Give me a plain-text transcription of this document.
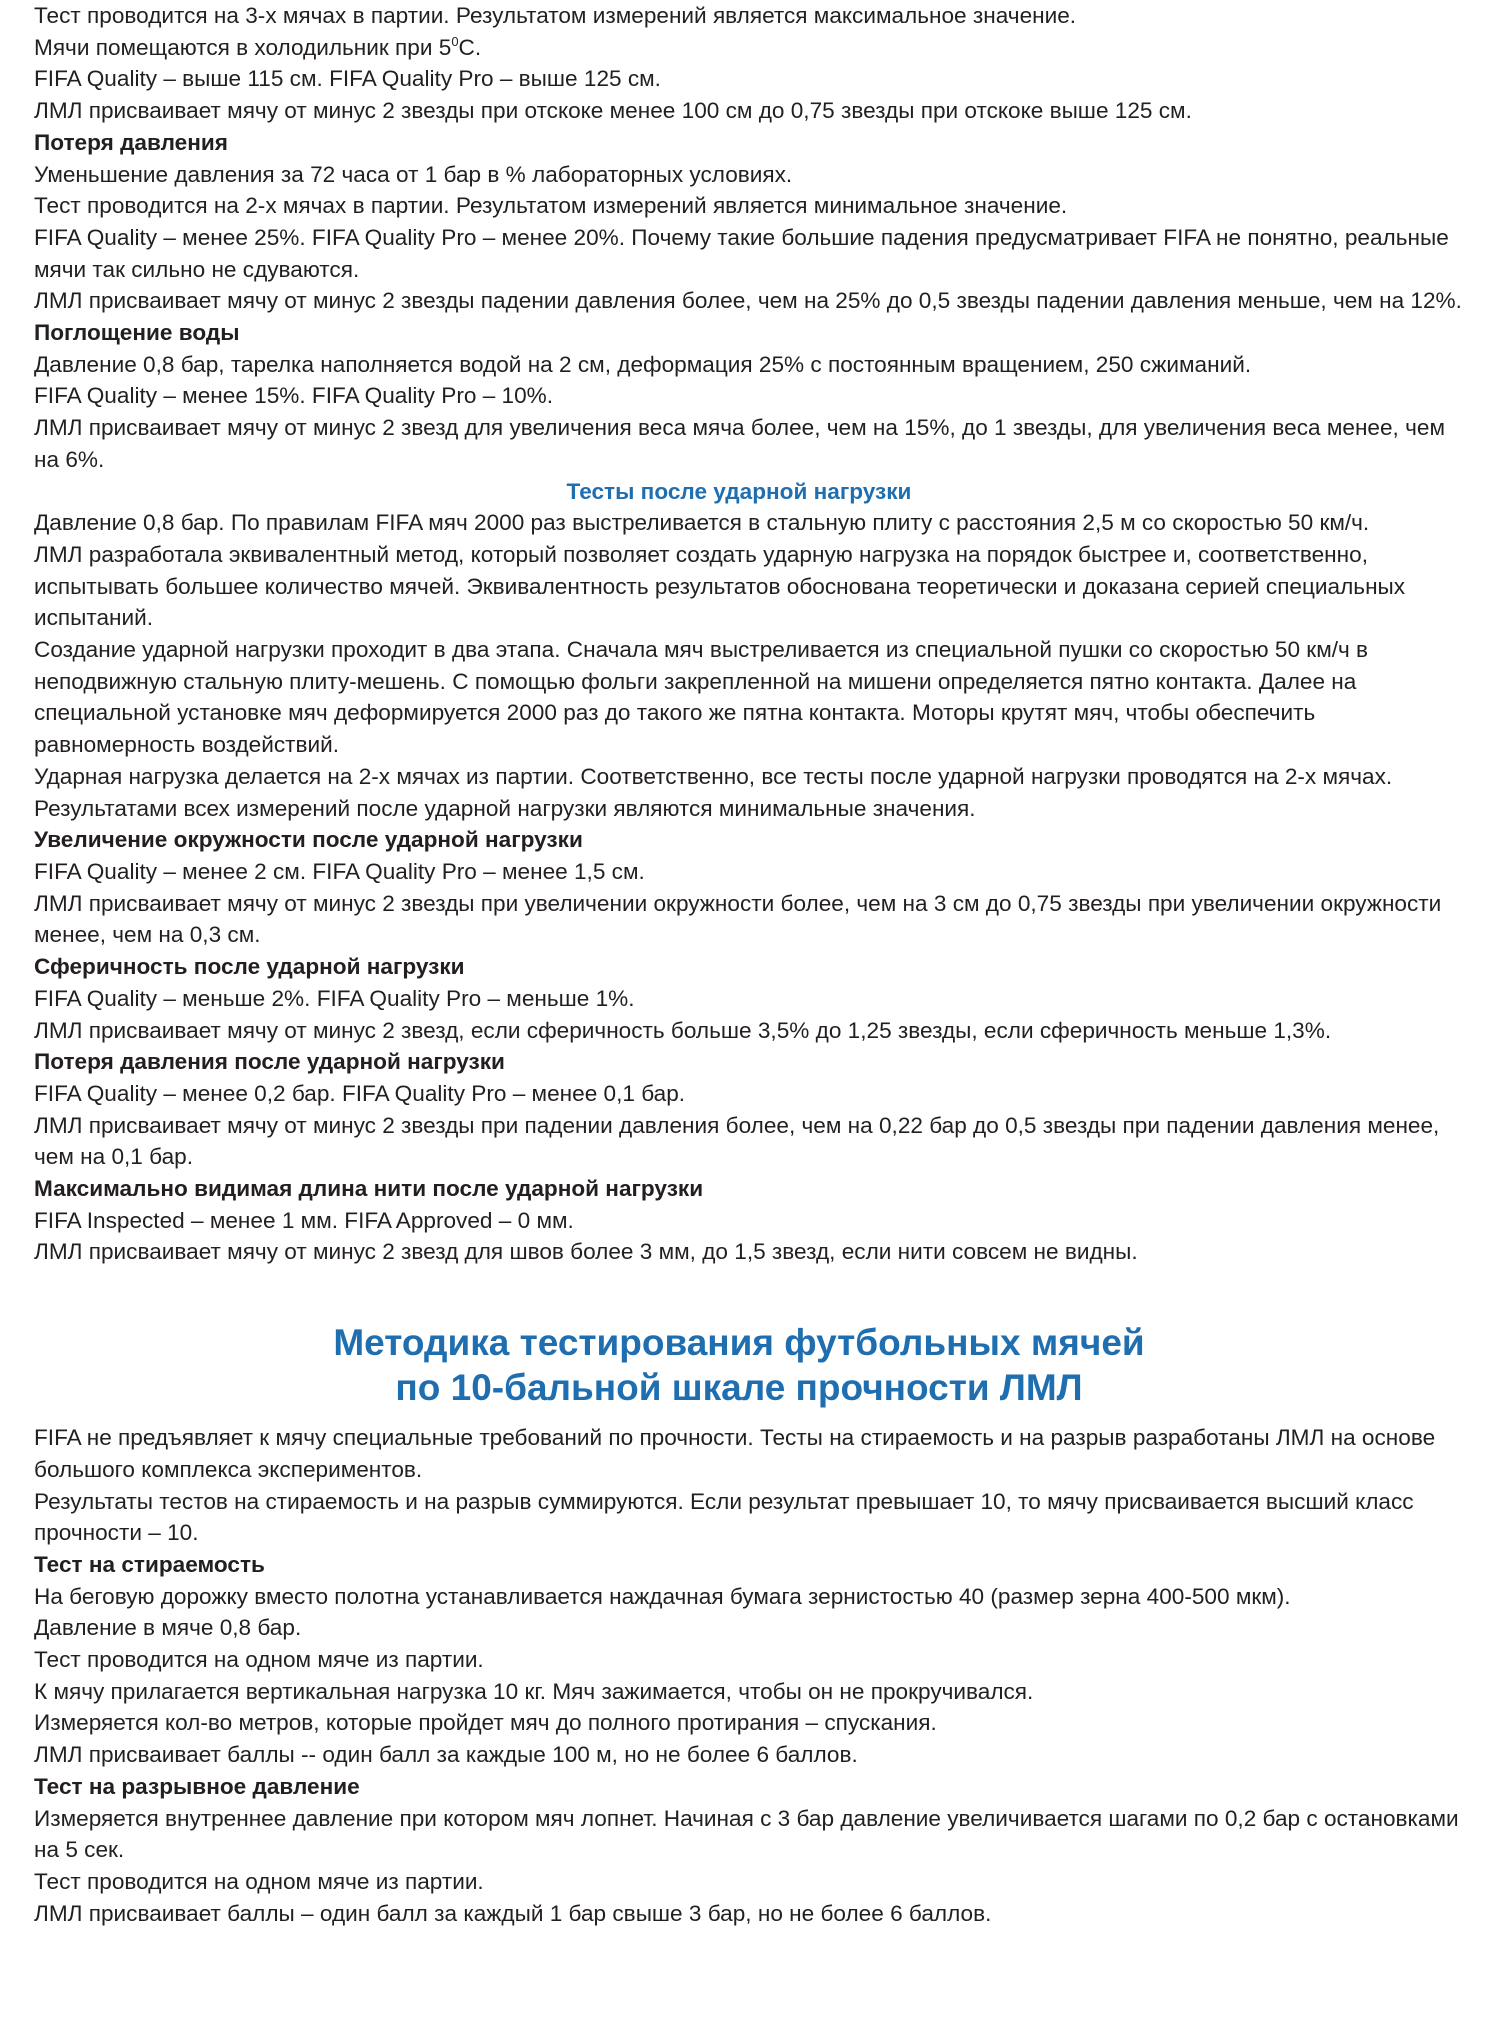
Тест проводится на 3-х мячах в партии. Результатом измерений является максимальное значение.

Мячи помещаются в холодильник при $5^0С$.

FIFA Quality – выше 115 см. FIFA Quality Pro – выше 125 см.

ЛМЛ присваивает мячу от минус 2 звезды при отскоке менее 100 см до 0,75 звезды при отскоке выше 125 см.

Потеря давления

Уменьшение давления за 72 часа от 1 бар в % лабораторных условиях.

Тест проводится на 2-х мячах в партии. Результатом измерений является минимальное значение.

FIFA Quality – менее 25%. FIFA Quality Pro – менее 20%. Почему такие большие падения предусматривает FIFA не понятно, реальные мячи так сильно не сдуваются.

ЛМЛ присваивает мячу от минус 2 звезды падении давления более, чем на 25% до 0,5 звезды падении давления меньше, чем на 12%.

Поглощение воды

Давление 0,8 бар, тарелка наполняется водой на 2 см, деформация 25% с постоянным вращением, 250 сжиманий.

FIFA Quality – менее 15%. FIFA Quality Pro – 10%.

ЛМЛ присваивает мячу от минус 2 звезд для увеличения веса мяча более, чем на 15%, до 1 звезды, для увеличения веса менее, чем на 6%.

Тесты после ударной нагрузки

Давление 0,8 бар. По правилам FIFA мяч 2000 раз выстреливается в стальную плиту с расстояния 2,5 м со скоростью 50 км/ч.

ЛМЛ разработала эквивалентный метод, который позволяет создать ударную нагрузка на порядок быстрее и, соответственно, испытывать большее количество мячей. Эквивалентность результатов обоснована теоретически и доказана серией специальных испытаний.

Создание ударной нагрузки проходит в два этапа. Сначала мяч выстреливается из специальной пушки со скоростью 50 км/ч в неподвижную стальную плиту-мешень. С помощью фольги закрепленной на мишени определяется пятно контакта. Далее на специальной установке мяч деформируется 2000 раз до такого же пятна контакта. Моторы крутят мяч, чтобы обеспечить равномерность воздействий.

Ударная нагрузка делается на 2-х мячах из партии. Соответственно, все тесты после ударной нагрузки проводятся на 2-х мячах. Результатами всех измерений после ударной нагрузки являются минимальные значения.

Увеличение окружности после ударной нагрузки

FIFA Quality – менее 2 см. FIFA Quality Pro – менее 1,5 см.

ЛМЛ присваивает мячу от минус 2 звезды при увеличении окружности более, чем на 3 см до 0,75 звезды при увеличении окружности менее, чем на 0,3 см.

Сферичность после ударной нагрузки

FIFA Quality – меньше 2%. FIFA Quality Pro – меньше 1%.

ЛМЛ присваивает мячу от минус 2 звезд, если сферичность больше 3,5% до 1,25 звезды, если сферичность меньше 1,3%.

Потеря давления после ударной нагрузки

FIFA Quality – менее 0,2 бар. FIFA Quality Pro – менее 0,1 бар.

ЛМЛ присваивает мячу от минус 2 звезды при падении давления более, чем на 0,22 бар до 0,5 звезды при падении давления менее, чем на 0,1 бар.

Максимально видимая длина нити после ударной нагрузки

FIFA Inspected – менее 1 мм. FIFA Approved – 0 мм.

ЛМЛ присваивает мячу от минус 2 звезд для швов более 3 мм, до 1,5 звезд, если нити совсем не видны.

Методика тестирования футбольных мячей
по 10-бальной шкале прочности ЛМЛ

FIFA не предъявляет к мячу специальные требований по прочности. Тесты на стираемость и на разрыв разработаны ЛМЛ на основе большого комплекса экспериментов.

Результаты тестов на стираемость и на разрыв суммируются. Если результат превышает 10, то мячу присваивается высший класс прочности – 10.

Тест на стираемость

На беговую дорожку вместо полотна устанавливается наждачная бумага зернистостью 40 (размер зерна 400-500 мкм).

Давление в мяче 0,8 бар.

Тест проводится на одном мяче из партии.

К мячу прилагается вертикальная нагрузка 10 кг. Мяч зажимается, чтобы он не прокручивался.

Измеряется кол-во метров, которые пройдет мяч до полного протирания – спускания.

ЛМЛ присваивает баллы -- один балл за каждые 100 м, но не более 6 баллов.

Тест на разрывное давление

Измеряется внутреннее давление при котором мяч лопнет. Начиная с 3 бар давление увеличивается шагами по 0,2 бар с остановками на 5 сек.

Тест проводится на одном мяче из партии.

ЛМЛ присваивает баллы – один балл за каждый 1 бар свыше 3 бар, но не более 6 баллов.
